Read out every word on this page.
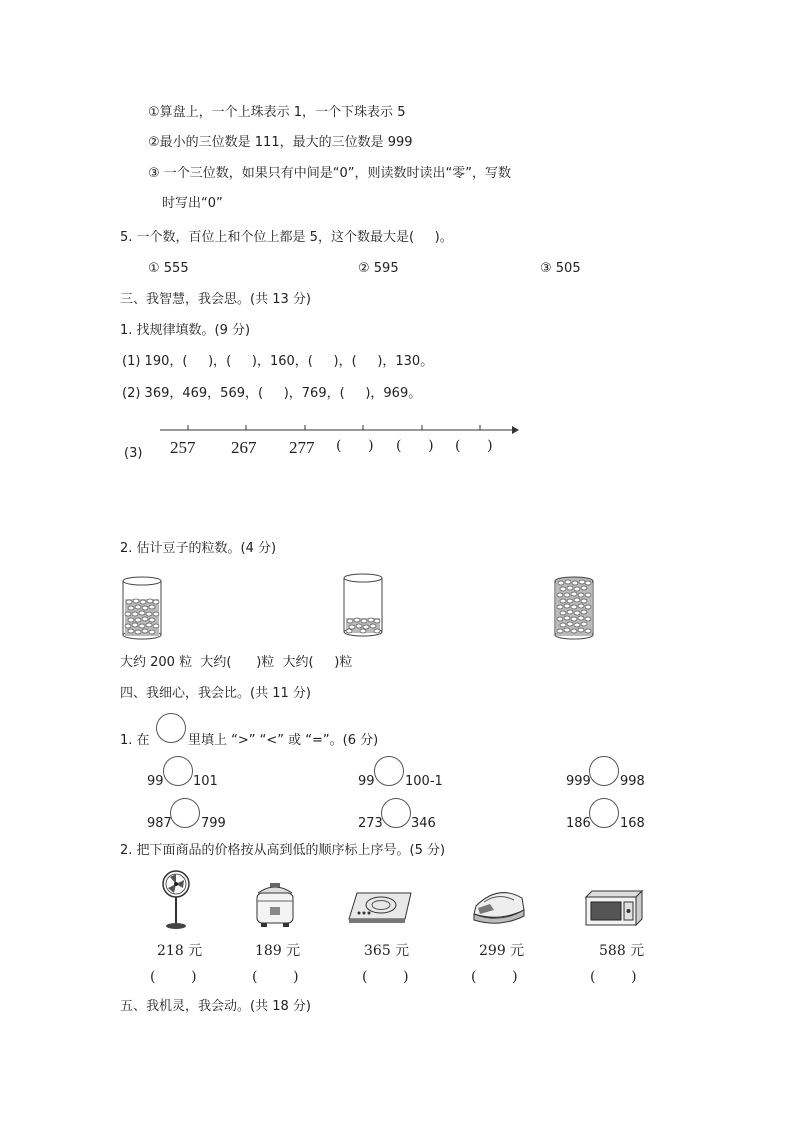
①算盘上，一个上珠表示 1，一个下珠表示 5
②最小的三位数是 111，最大的三位数是 999
③ 一个三位数，如果只有中间是“0”，则读数时读出“零”，写数
时写出“0”
5. 一个数，百位上和个位上都是 5，这个数最大是(     )。
① 555	② 595	③ 505
三、我智慧，我会思。(共 13 分)
1. 找规律填数。(9 分)
(1) 190，(     )，(     )，160，(     )，(     )，130。
(2) 369，469，569，(     )，769，(     )，969。
(3) 257 267 277 (      ) (      ) (      )
2. 估计豆子的粒数。(4 分)
大约 200 粒  大约(      )粒  大约(     )粒
四、我细心，我会比。(共 11 分)
1. 在	里填上 “>” “<” 或 “=”。(6 分)
99 101	99 100-1	999 998
987 799	273 346	186 168
2. 把下面商品的价格按从高到低的顺序标上序号。(5 分)
218 元	189 元	365 元	299 元	588 元
(        )	(        )	(        )	(        )	(        )
五、我机灵，我会动。(共 18 分)
